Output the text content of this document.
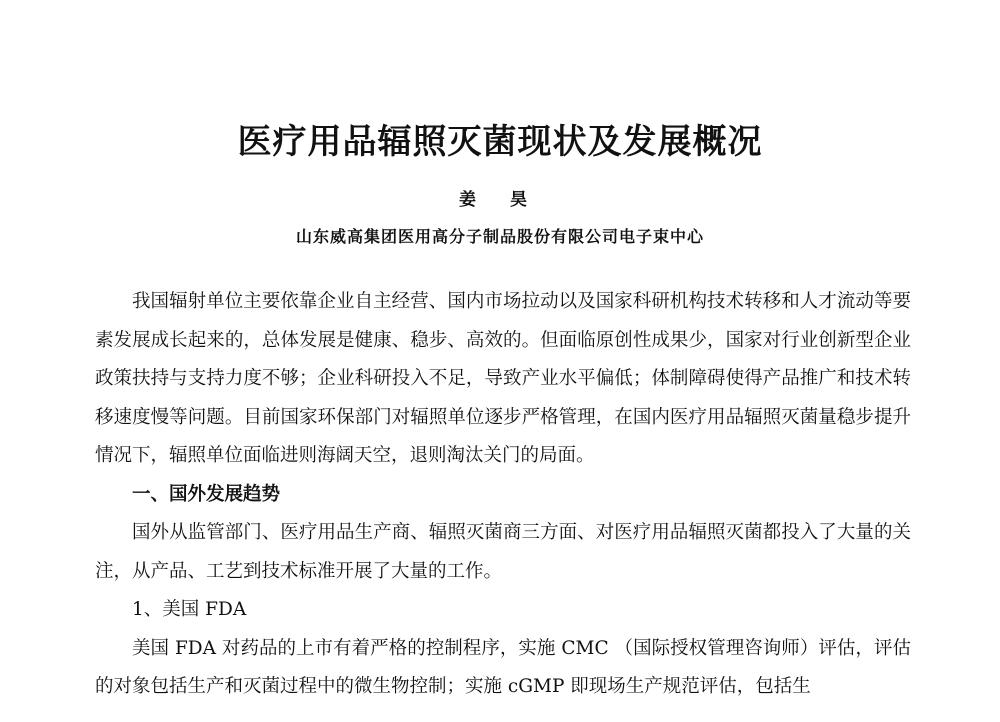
医疗用品辐照灭菌现状及发展概况
姜 昊
山东威高集团医用高分子制品股份有限公司电子束中心

我国辐射单位主要依靠企业自主经营、国内市场拉动以及国家科研机构技术转移和人才流动等要素发展成长起来的，总体发展是健康、稳步、高效的。但面临原创性成果少，国家对行业创新型企业政策扶持与支持力度不够；企业科研投入不足，导致产业水平偏低；体制障碍使得产品推广和技术转移速度慢等问题。目前国家环保部门对辐照单位逐步严格管理，在国内医疗用品辐照灭菌量稳步提升情况下，辐照单位面临进则海阔天空，退则淘汰关门的局面。

一、国外发展趋势

国外从监管部门、医疗用品生产商、辐照灭菌商三方面、对医疗用品辐照灭菌都投入了大量的关注，从产品、工艺到技术标准开展了大量的工作。

1、美国 FDA

美国 FDA 对药品的上市有着严格的控制程序，实施 CMC （国际授权管理咨询师）评估，评估的对象包括生产和灭菌过程中的微生物控制；实施 cGMP 即现场生产规范评估，包括生
